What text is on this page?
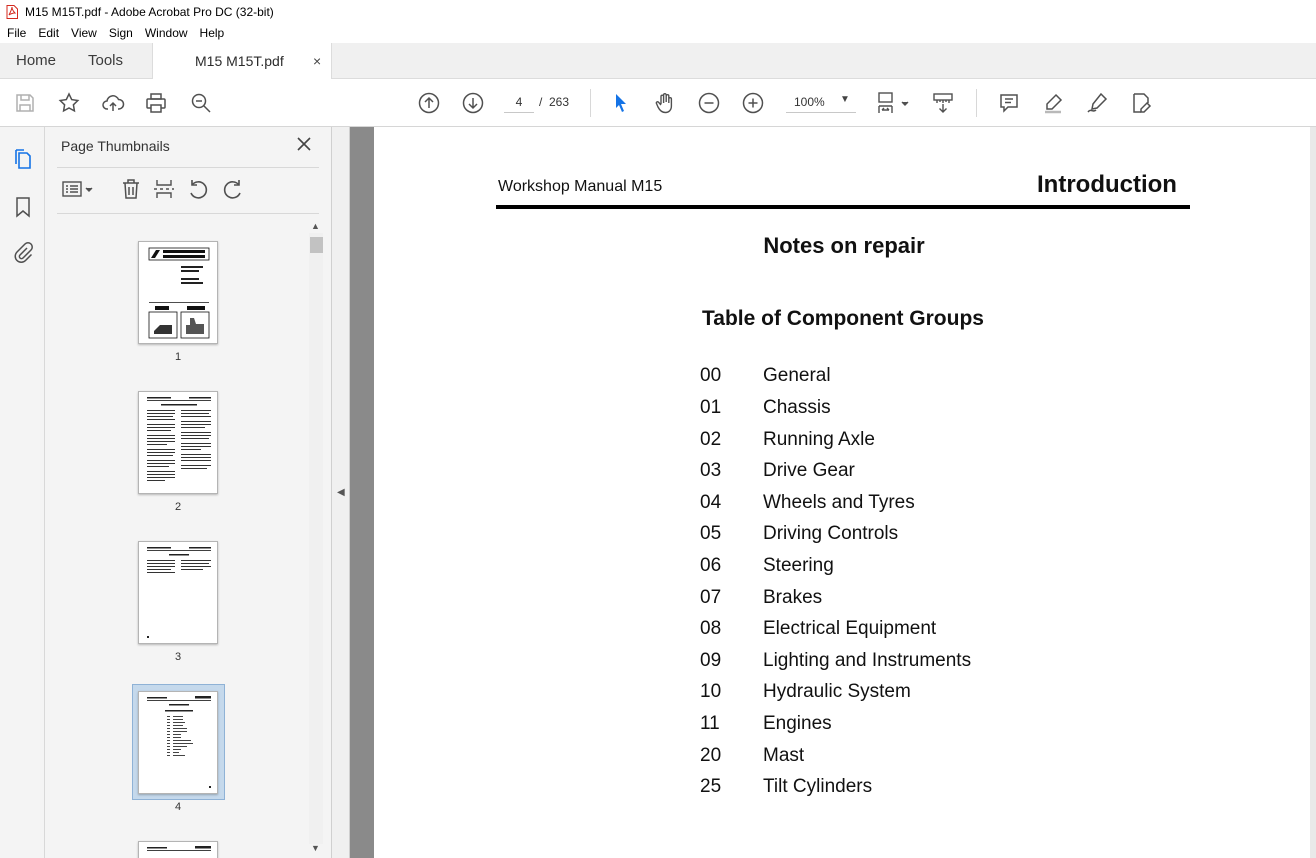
M15 M15T.pdf - Adobe Acrobat Pro DC (32-bit)
File	Edit	View	Sign	Window	Help
Home Tools	M15 M15T.pdf ×
4
/ 263	100% ▼
Page Thumbnails
1
2
3
4
▲
▼
◀
Workshop Manual M15	Introduction
Notes on repair
Table of Component Groups
00	General
01	Chassis
02	Running Axle
03	Drive Gear
04	Wheels and Tyres
05	Driving Controls
06	Steering
07	Brakes
08	Electrical Equipment
09	Lighting and Instruments
10	Hydraulic System
11	Engines
20	Mast
25	Tilt Cylinders
